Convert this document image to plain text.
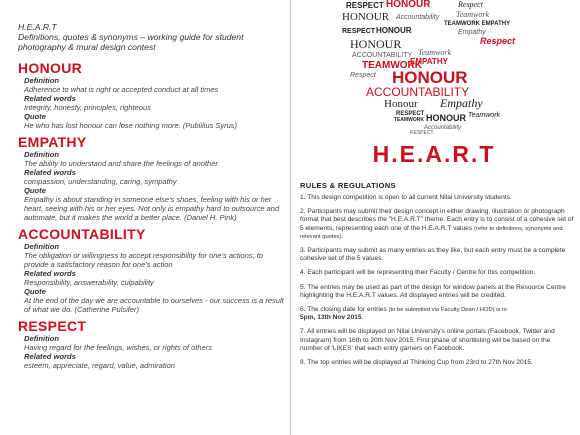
H.E.A.R.T
Definitions, quotes & synonyms – working guide for student photography & mural design contest
HONOUR
Definition
Adherence to what is right or accepted conduct at all times
Related words
Integrity, honesty, principles, righteous
Quote
He who has lost honour can lose nothing more. (Publilius Syrus)
EMPATHY
Definition
The ability to understand and share the feelings of another
Related words
compassion, understanding, caring, sympathy
Quote
Empathy is about standing in someone else's shoes, feeling with his or her heart, seeing with his or her eyes. Not only is empathy hard to outsource and automate, but it makes the world a better place. (Daniel H. Pink)
ACCOUNTABILITY
Definition
The obligation or willingness to accept responsibility for one's actions; to provide a satisfactory reason for one's action
Related words
Responsibility, answerability, culpability
Quote
At the end of the day we are accountable to ourselves - our success is a result of what we do. (Catherine Pulsifer)
RESPECT
Definition
Having regard for the feelings, wishes, or rights of others
Related words
esteem, appreciate, regard, value, admiration
RESPECT HONOUR	Respect
HONOUR Accountability Teamwork
TEAMWORK EMPATHY
RESPECT HONOUR	Empathy
Respect
HONOUR
ACCOUNTABILITY Teamwork
EMPATHY
TEAMWORK
Respect HONOUR
ACCOUNTABILITY
Honour Empathy
RESPECT
TEAMWORK HONOUR
Accountability
RESPECT
Teamwork
H.E.A.R.T
RULES & REGULATIONS
1. This design competition is open to all current Nilai University students.
2. Participants may submit their design concept in either drawing, illustration or photograph format that best describes the "H.E.A.R.T" theme. Each entry is to consist of a cohesive set of 5 elements, representing each one of the H.E.A.R.T values (refer to definitions, synonyms and relevant quotes).
3. Participants may submit as many entries as they like, but each entry must be a complete cohesive set of the 5 values.
4. Each participant will be representing their Faculty / Centre for this competition.
5. The entries may be used as part of the design for window panels at the Resource Centre highlighting the H.E.A.R.T values. All displayed entries will be credited.
6. The closing date for entries (to be submitted via Faculty Dean / HOD) is to
5pm, 13th Nov 2015.
7. All entries will be displayed on Nilai University's online portals (Facebook, Twitter and Instagram) from 16th to 20th Nov 2015. First phase of shortlisting will be based on the number of 'LIKES' that each entry garners on Facebook.
8. The top entries will be displayed at Thinking Cup from 23rd to 27th Nov 2015.
